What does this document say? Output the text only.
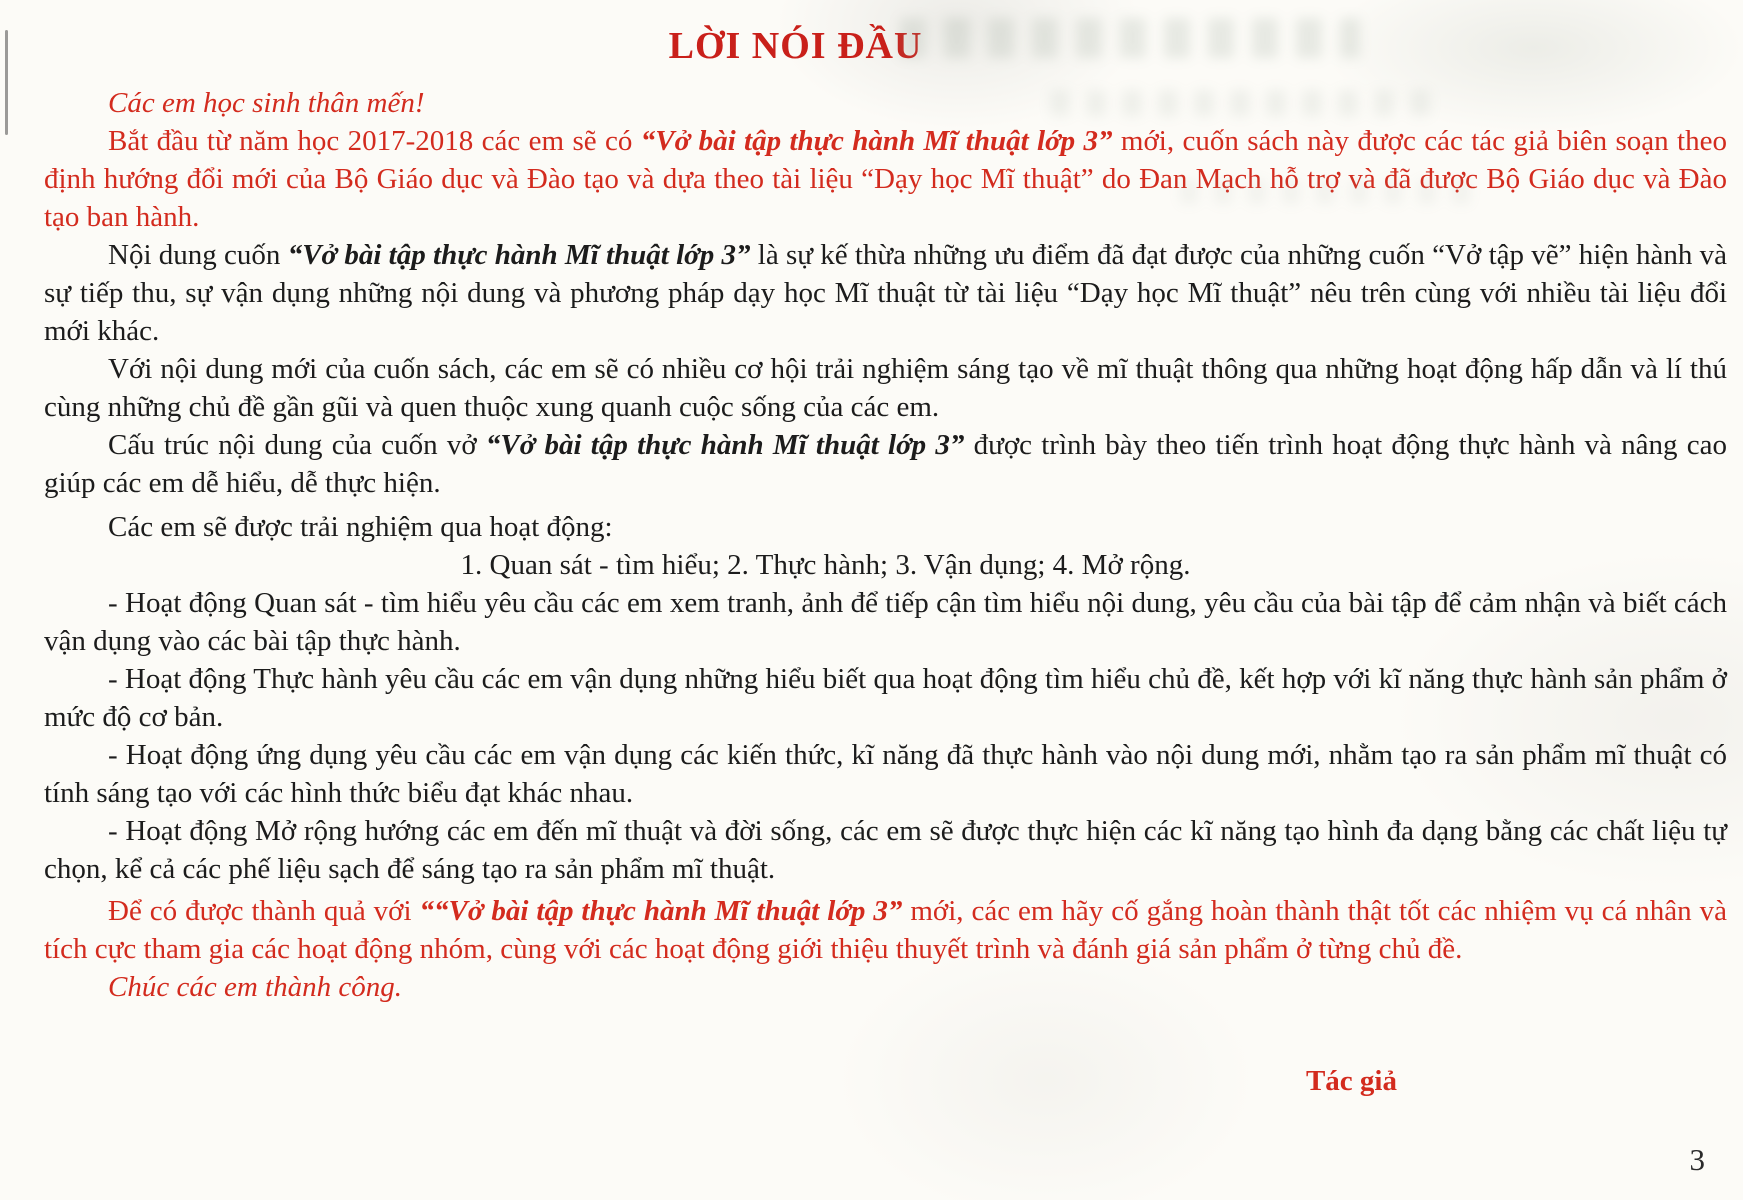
LỜI NÓI ĐẦU

Các em học sinh thân mến!

Bắt đầu từ năm học 2017-2018 các em sẽ có “Vở bài tập thực hành Mĩ thuật lớp 3” mới, cuốn sách này được các tác giả biên soạn theo định hướng đổi mới của Bộ Giáo dục và Đào tạo và dựa theo tài liệu “Dạy học Mĩ thuật” do Đan Mạch hỗ trợ và đã được Bộ Giáo dục và Đào tạo ban hành.

Nội dung cuốn “Vở bài tập thực hành Mĩ thuật lớp 3” là sự kế thừa những ưu điểm đã đạt được của những cuốn “Vở tập vẽ” hiện hành và sự tiếp thu, sự vận dụng những nội dung và phương pháp dạy học Mĩ thuật từ tài liệu “Dạy học Mĩ thuật” nêu trên cùng với nhiều tài liệu đổi mới khác.

Với nội dung mới của cuốn sách, các em sẽ có nhiều cơ hội trải nghiệm sáng tạo về mĩ thuật thông qua những hoạt động hấp dẫn và lí thú cùng những chủ đề gần gũi và quen thuộc xung quanh cuộc sống của các em.

Cấu trúc nội dung của cuốn vở “Vở bài tập thực hành Mĩ thuật lớp 3” được trình bày theo tiến trình hoạt động thực hành và nâng cao giúp các em dễ hiểu, dễ thực hiện.

Các em sẽ được trải nghiệm qua hoạt động:

1. Quan sát - tìm hiểu; 2. Thực hành; 3. Vận dụng; 4. Mở rộng.

- Hoạt động Quan sát - tìm hiểu yêu cầu các em xem tranh, ảnh để tiếp cận tìm hiểu nội dung, yêu cầu của bài tập để cảm nhận và biết cách vận dụng vào các bài tập thực hành.

- Hoạt động Thực hành yêu cầu các em vận dụng những hiểu biết qua hoạt động tìm hiểu chủ đề, kết hợp với kĩ năng thực hành sản phẩm ở mức độ cơ bản.

- Hoạt động ứng dụng yêu cầu các em vận dụng các kiến thức, kĩ năng đã thực hành vào nội dung mới, nhằm tạo ra sản phẩm mĩ thuật có tính sáng tạo với các hình thức biểu đạt khác nhau.

- Hoạt động Mở rộng hướng các em đến mĩ thuật và đời sống, các em sẽ được thực hiện các kĩ năng tạo hình đa dạng bằng các chất liệu tự chọn, kể cả các phế liệu sạch để sáng tạo ra sản phẩm mĩ thuật.

Để có được thành quả với ““Vở bài tập thực hành Mĩ thuật lớp 3” mới, các em hãy cố gắng hoàn thành thật tốt các nhiệm vụ cá nhân và tích cực tham gia các hoạt động nhóm, cùng với các hoạt động giới thiệu thuyết trình và đánh giá sản phẩm ở từng chủ đề.

Chúc các em thành công.

Tác giả

3
